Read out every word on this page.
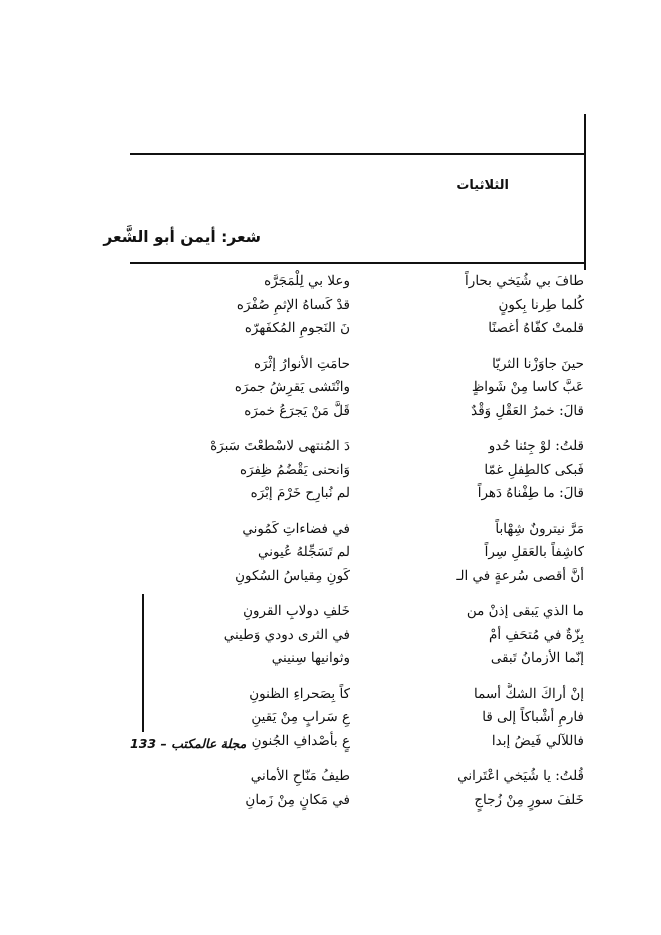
الثلاثيات
شعر: أيمن أبو الشَّعر
طافَ بي شُيَخي بحاراً
وعلا بي لِلْمَجَرَّه
كُلما طِرنا بِكونٍ
قدْ كَساهُ الإثمِ صُفْرَه
قلمتْ كفّاهُ أغصنًا
نَ النَجومِ المُكفَهرّه
حينَ جاوَزْنا الثريّا
حامَتِ الأنوارُ إثْرَه
عَبَّ كاسا مِنْ شَواظٍ
وانْتَشى يَقرِشُ جمرَه
قالَ: خمرُ العَقْلِ وَقْدٌ
قَلَّ مَنْ يَجرَعُ خمرَه
قلتُ: لوْ جِئنا حُدو
دَ المُنتهى لاسْطعْتَ سَبرَهْ
فَبكى كالطِفلِ غمّا
وَانحنى يَقْضُمُ ظِفرَه
قالَ: ما طِفْناهُ دَهراً
لم نُبارِح خَرْمَ إبْرَه
مَرَّ نيترونٌ شِهْاباً
في فضاءاتِ كَمُوني
كاشِفاً بالعَقلِ سِراً
لم تَسَجِّلهُ عُيوني
أنَّ أقصى سُرعةٍ في الـ
كَونِ مِقياسُ السُكونِ
ما الذي يَبقى إذنْ من
خَلفِ دولابِ القرونِ
بِزّةٌ في مُتحَفِ أمْ
في الثرى دودي وَطيني
إنّما الأزمانُ تَبقى
وثوانيها سِنيني
إنْ أراكَ الشكُّ أسما
كاً بِصَحراءِ الظنونِ
فارمِ أشْباكاً إلى قا
عِ سَرابٍ مِنْ يَقينِ
فاللآلي فَيضُ إبدا
عٍ بأصْدافِ الجُنونِ
قُلتُ: يا شُيَخي اعْتَراني
طيفُ مَنّاحِ الأماني
خَلفَ سورٍ مِنْ زُجاجٍ
في مَكانٍ مِنْ زَمانِ
مجلة عالمكتب – 133
